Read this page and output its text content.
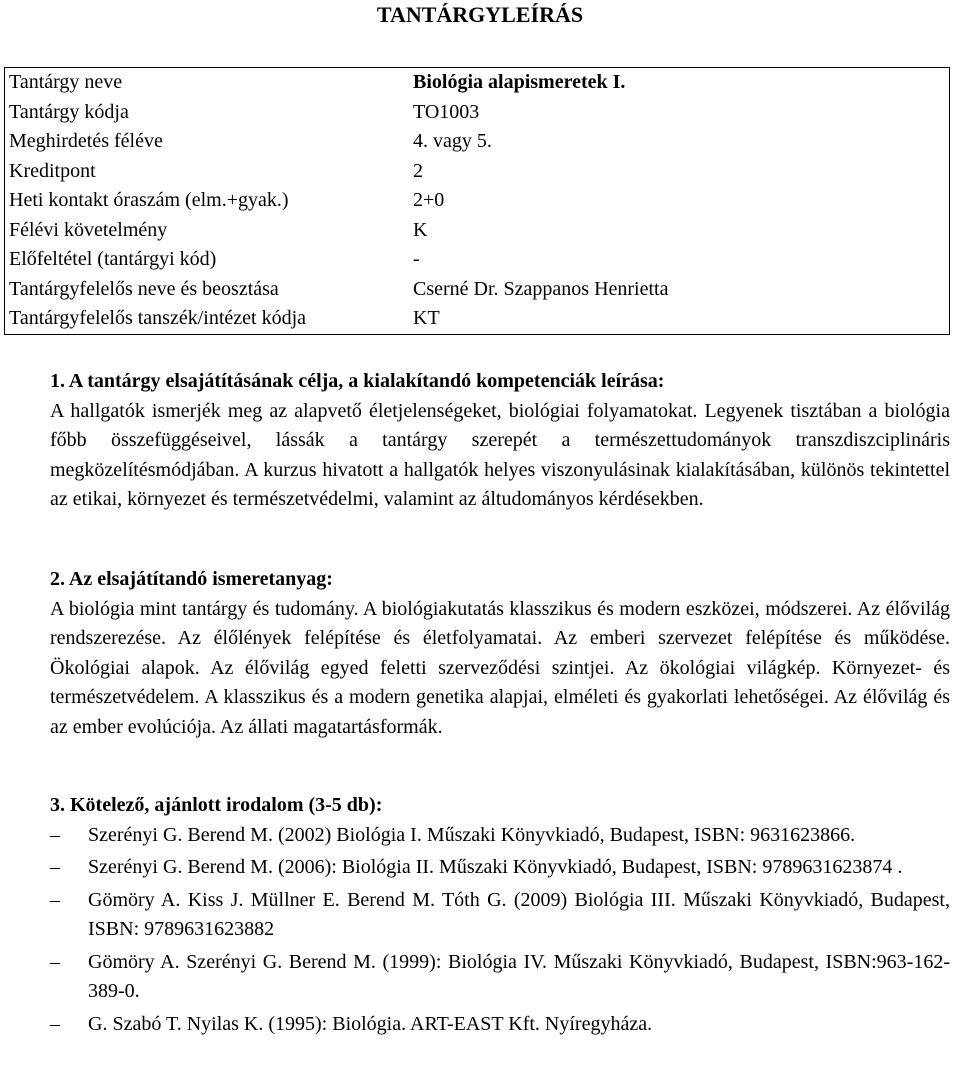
TANTÁRGYLEÍRÁS
Tantárgy neve	Biológia alapismeretek I.
Tantárgy kódja	TO1003
Meghirdetés féléve	4. vagy 5.
Kreditpont	2
Heti kontakt óraszám (elm.+gyak.)	2+0
Félévi követelmény	K
Előfeltétel (tantárgyi kód)	-
Tantárgyfelelős neve és beosztása	Cserné Dr. Szappanos Henrietta
Tantárgyfelelős tanszék/intézet kódja	KT
1. A tantárgy elsajátításának célja, a kialakítandó kompetenciák leírása:

A hallgatók ismerjék meg az alapvető életjelenségeket, biológiai folyamatokat. Legyenek tisztában a biológia főbb összefüggéseivel, lássák a tantárgy szerepét a természettudományok transzdiszciplináris megközelítésmódjában. A kurzus hivatott a hallgatók helyes viszonyulásinak kialakításában, különös tekintettel az etikai, környezet és természetvédelmi, valamint az áltudományos kérdésekben.

2. Az elsajátítandó ismeretanyag:

A biológia mint tantárgy és tudomány. A biológiakutatás klasszikus és modern eszközei, módszerei. Az élővilág rendszerezése. Az élőlények felépítése és életfolyamatai. Az emberi szervezet felépítése és működése. Ökológiai alapok. Az élővilág egyed feletti szerveződési szintjei. Az ökológiai világkép. Környezet- és természetvédelem. A klasszikus és a modern genetika alapjai, elméleti és gyakorlati lehetőségei. Az élővilág és az ember evolúciója. Az állati magatartásformák.

3. Kötelező, ajánlott irodalom (3-5 db):
– Szerényi G. Berend M. (2002) Biológia I. Műszaki Könyvkiadó, Budapest, ISBN: 9631623866.
– Szerényi G. Berend M. (2006): Biológia II. Műszaki Könyvkiadó, Budapest, ISBN: 9789631623874 .
– Gömöry A. Kiss J. Müllner E. Berend M. Tóth G. (2009) Biológia III. Műszaki Könyvkiadó, Budapest, ISBN: 9789631623882
– Gömöry A. Szerényi G. Berend M. (1999): Biológia IV. Műszaki Könyvkiadó, Budapest, ISBN:963-162-389-0.
– G. Szabó T. Nyilas K. (1995): Biológia. ART-EAST Kft. Nyíregyháza.
